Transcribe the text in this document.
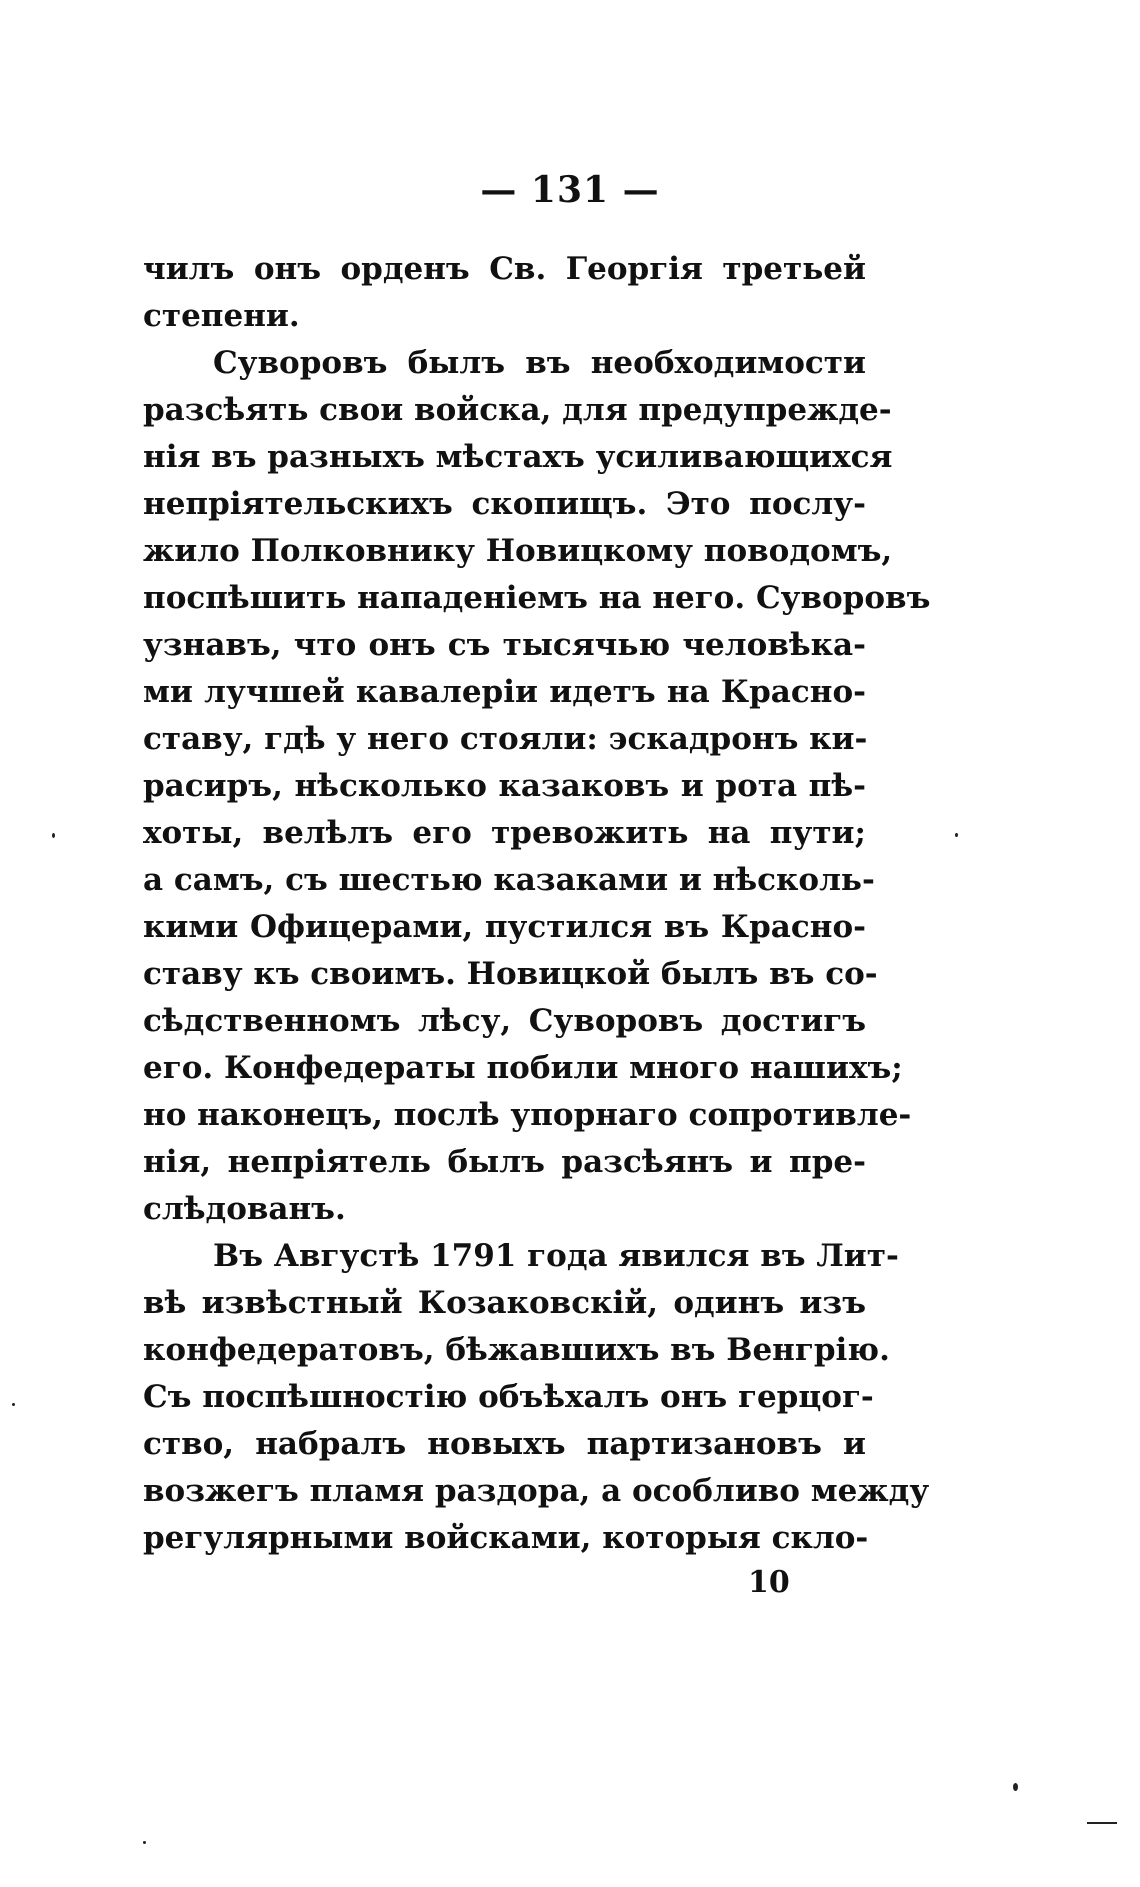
— 131 —
чилъ онъ орденъ Св. Георгія третьей
степени.
Суворовъ былъ въ необходимости
разсѣять свои войска, для предупрежде-
нія въ разныхъ мѣстахъ усиливающихся
непріятельскихъ скопищъ. Это послу-
жило Полковнику Новицкому поводомъ,
поспѣшить нападеніемъ на него. Суворовъ
узнавъ, что онъ съ тысячью человѣка-
ми лучшей кавалеріи идетъ на Красно-
ставу, гдѣ у него стояли: эскадронъ ки-
расиръ, нѣсколько казаковъ и рота пѣ-
хоты, велѣлъ его тревожить на пути;
а самъ, съ шестью казаками и нѣсколь-
кими Офицерами, пустился въ Красно-
ставу къ своимъ. Новицкой былъ въ со-
сѣдственномъ лѣсу, Суворовъ достигъ
его. Конфедераты побили много нашихъ;
но наконецъ, послѣ упорнаго сопротивле-
нія, непріятель былъ разсѣянъ и пре-
слѣдованъ.
Въ Августѣ 1791 года явился въ Лит-
вѣ извѣстный Козаковскій, одинъ изъ
конфедератовъ, бѣжавшихъ въ Венгрію.
Съ поспѣшностію объѣхалъ онъ герцог-
ство, набралъ новыхъ партизановъ и
возжегъ пламя раздора, а особливо между
регулярными войсками, которыя скло-
10
